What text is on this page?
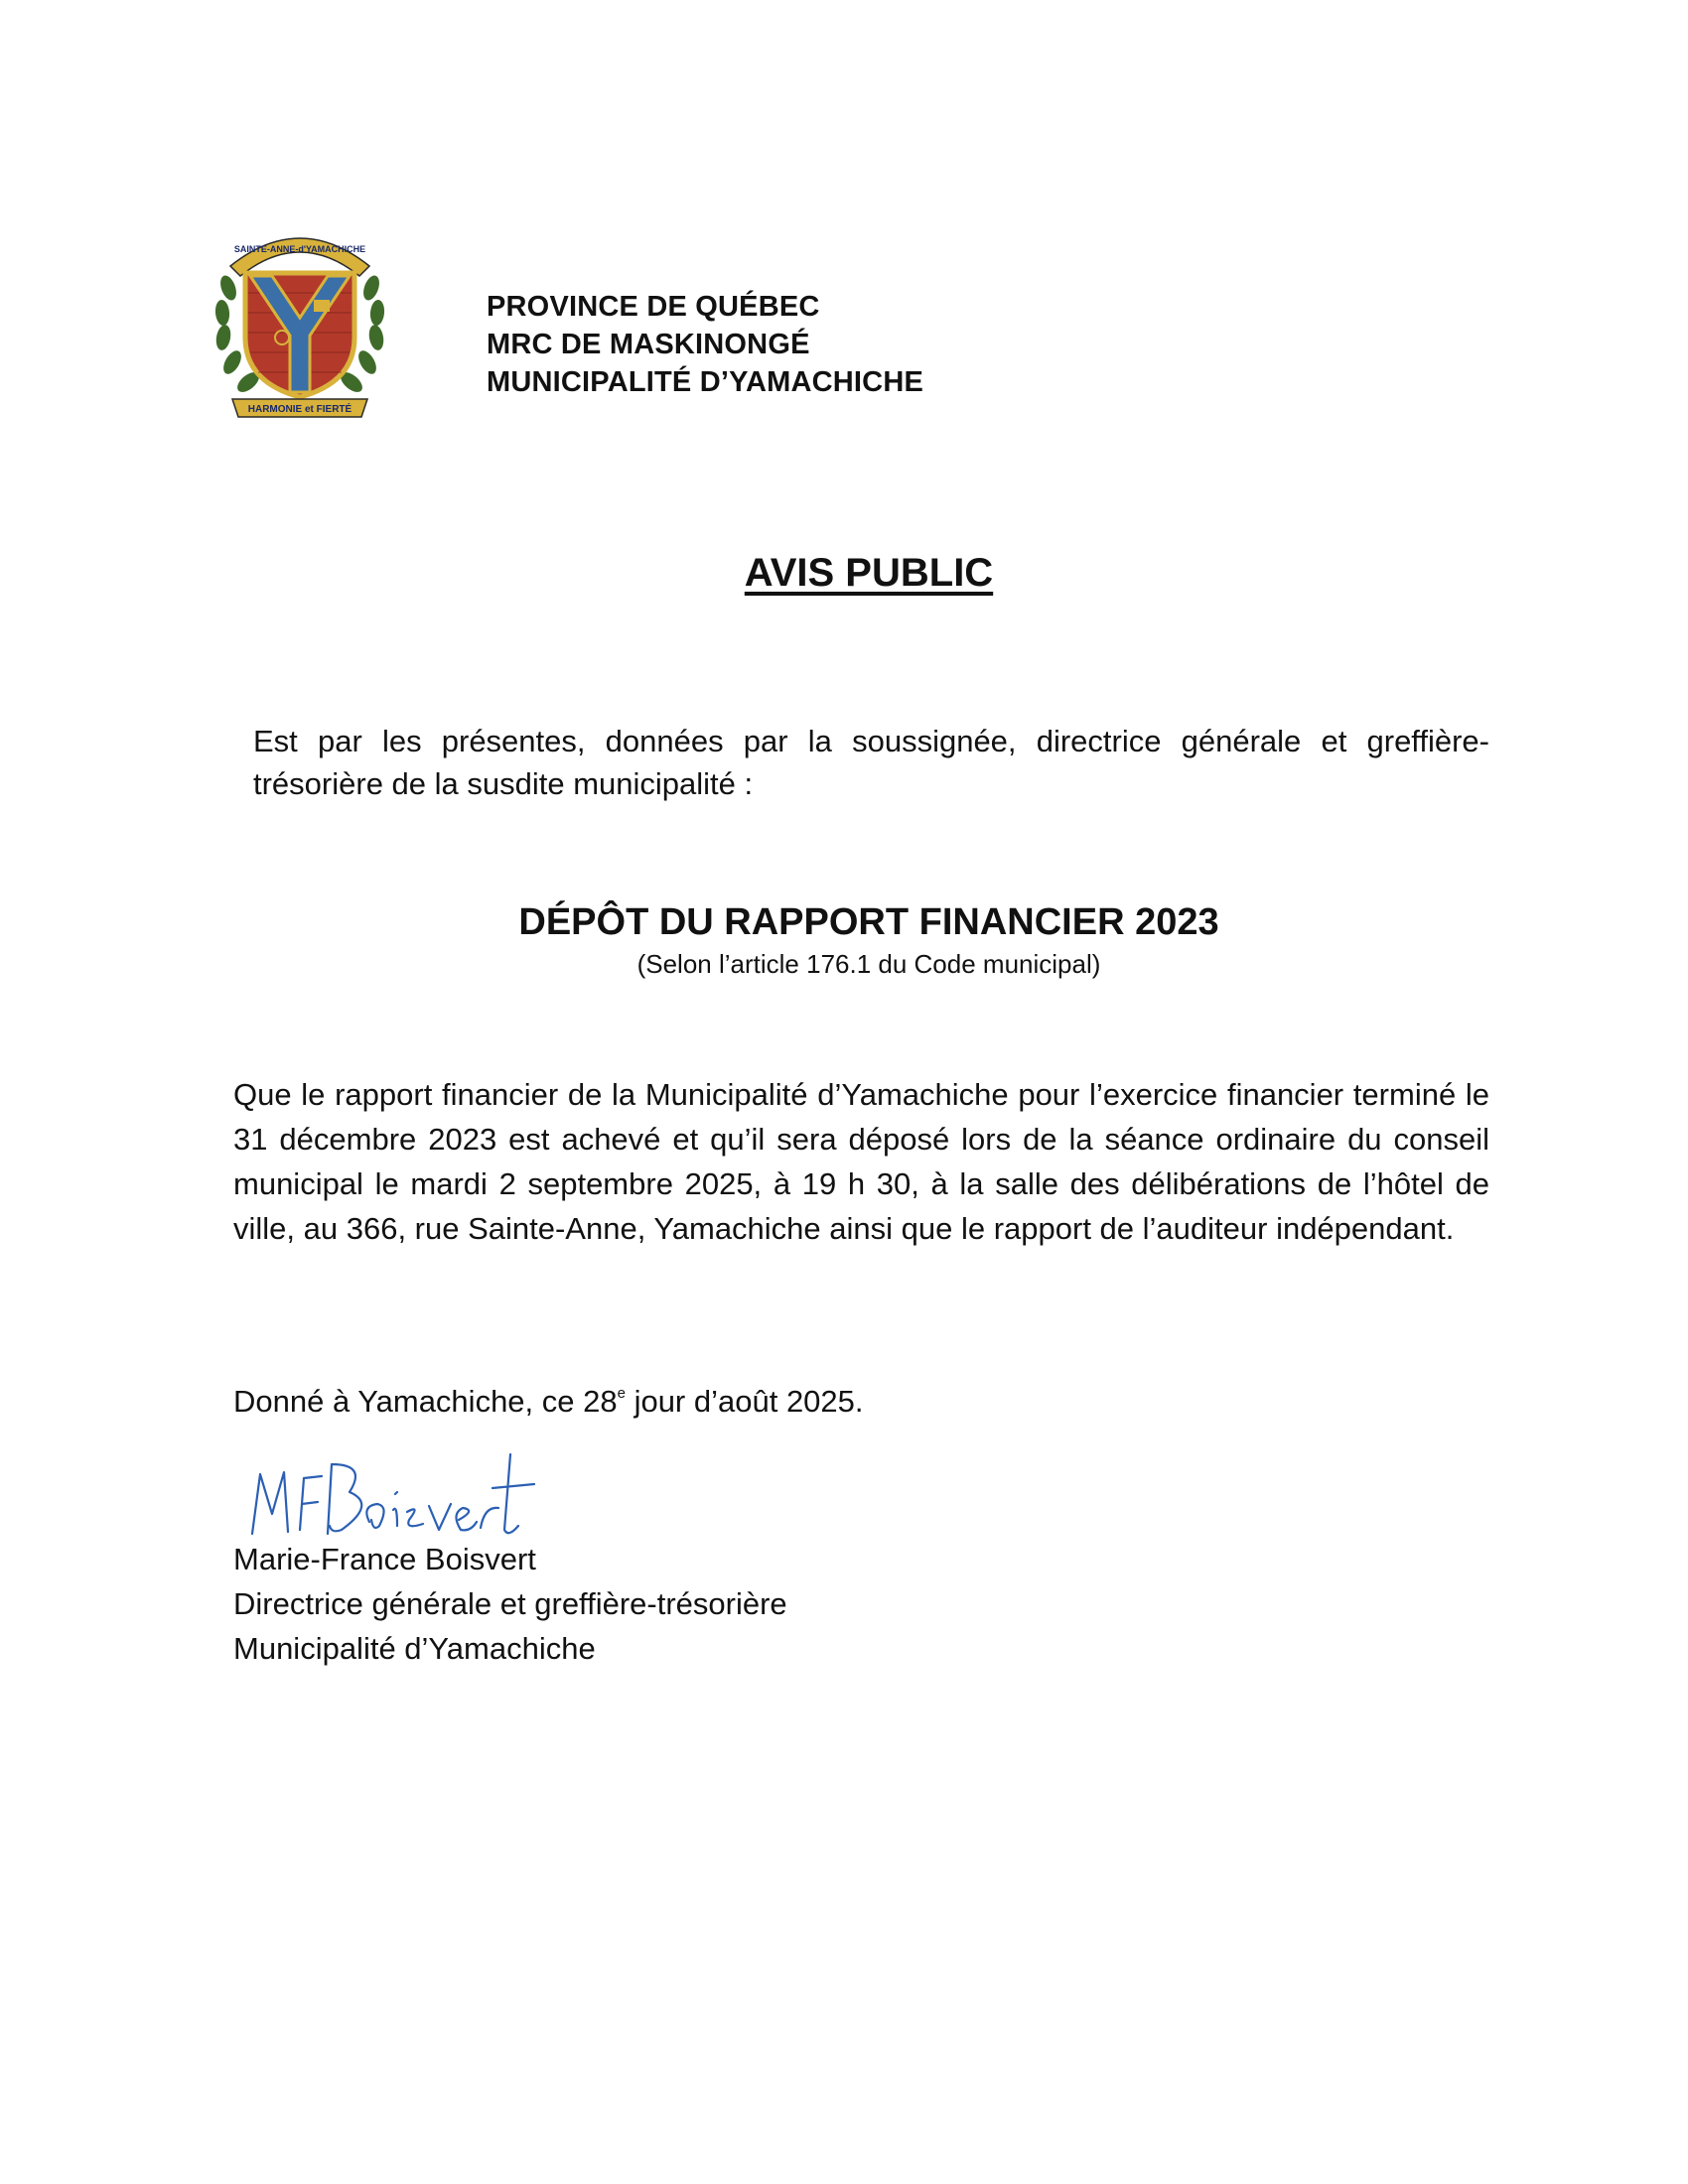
HARMONIE et FIERTÉ
SAINTE-ANNE-d'YAMACHICHE
PROVINCE DE QUÉBEC
MRC DE MASKINONGÉ
MUNICIPALITÉ D’YAMACHICHE
AVIS PUBLIC
Est par les présentes, données par la soussignée, directrice générale et greffière-trésorière de la susdite municipalité :
DÉPÔT DU RAPPORT FINANCIER 2023
(Selon l’article 176.1 du Code municipal)
Que le rapport financier de la Municipalité d’Yamachiche pour l’exercice financier terminé le 31 décembre 2023 est achevé et qu’il sera déposé lors de la séance ordinaire du conseil municipal le mardi 2 septembre 2025, à 19 h 30, à la salle des délibérations de l’hôtel de ville, au 366, rue Sainte-Anne, Yamachiche ainsi que le rapport de l’auditeur indépendant.
Donné à Yamachiche, ce 28e jour d’août 2025.
Marie-France Boisvert
Directrice générale et greffière-trésorière
Municipalité d’Yamachiche
